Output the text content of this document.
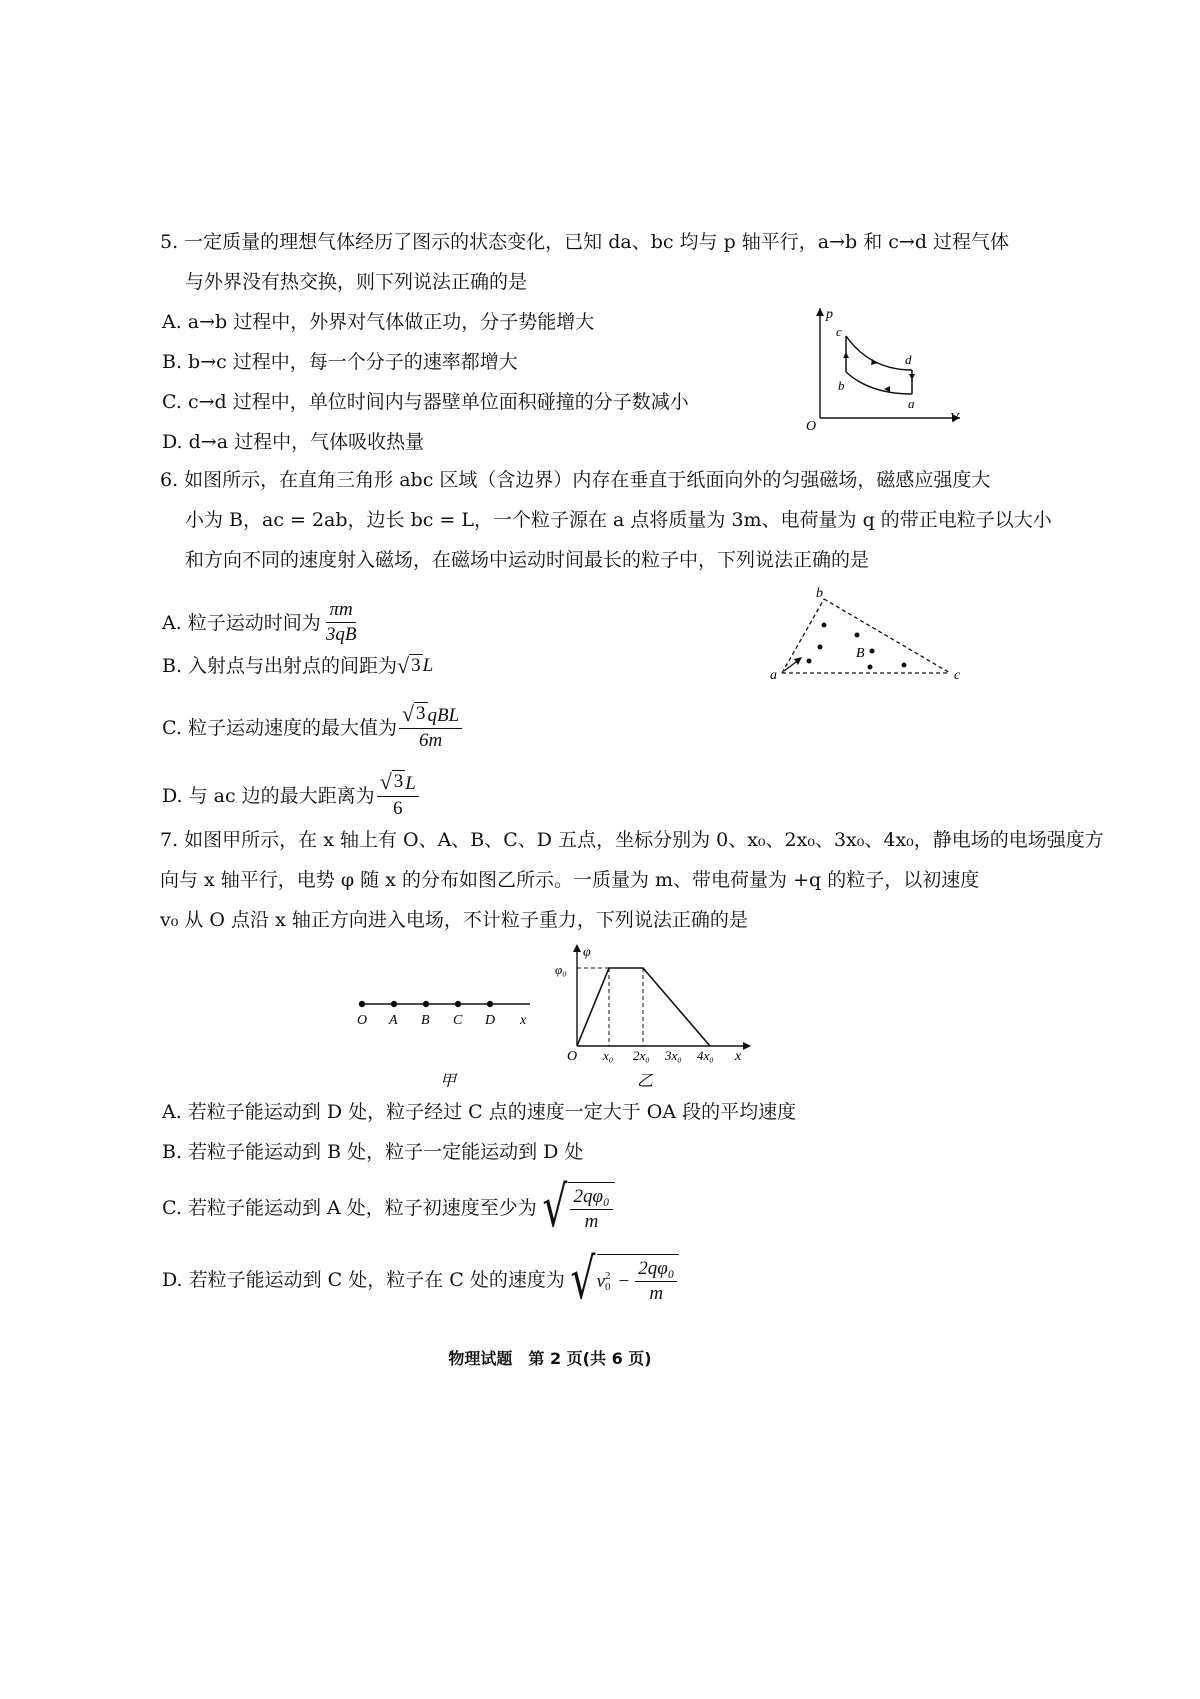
5. 一定质量的理想气体经历了图示的状态变化，已知 da、bc 均与 p 轴平行，a→b 和 c→d 过程气体
与外界没有热交换，则下列说法正确的是
A. a→b 过程中，外界对气体做正功，分子势能增大
B. b→c 过程中，每一个分子的速率都增大
C. c→d 过程中，单位时间内与器壁单位面积碰撞的分子数减小
D. d→a 过程中，气体吸收热量
p
V
O
c
d
b
a
6. 如图所示，在直角三角形 abc 区域（含边界）内存在垂直于纸面向外的匀强磁场，磁感应强度大
小为 B，ac = 2ab，边长 bc = L，一个粒子源在 a 点将质量为 3m、电荷量为 q 的带正电粒子以大小
和方向不同的速度射入磁场，在磁场中运动时间最长的粒子中，下列说法正确的是
A. 粒子运动时间为 $\frac{\pi m}{3qB}$
B. 入射点与出射点的间距为 √ 3 L
C. 粒子运动速度的最大值为 $\frac{\text{√ 3 qBL}}{6m}$
D. 与 ac 边的最大距离为 $\frac{√ 3 L}{6}$
B
a
b
c
7. 如图甲所示，在 x 轴上有 O、A、B、C、D 五点，坐标分别为 0、x₀、2x₀、3x₀、4x₀，静电场的电场强度方
向与 x 轴平行，电势 φ 随 x 的分布如图乙所示。一质量为 m、带电荷量为 +q 的粒子，以初速度
v₀ 从 O 点沿 x 轴正方向进入电场，不计粒子重力，下列说法正确的是
O A B C D x
甲
φ
φ₀
O x₀ 2x₀ 3x₀ 4x₀ x
乙
A. 若粒子能运动到 D 处，粒子经过 C 点的速度一定大于 OA 段的平均速度
B. 若粒子能运动到 B 处，粒子一定能运动到 D 处
C. 若粒子能运动到 A 处，粒子初速度至少为 √ $\frac{\text{2qφ₀}}{m}$
D. 若粒子能运动到 C 处，粒子在 C 处的速度为 √ v 2
$0 - \frac{\text{2qφ₀}}{m}$
物理试题　第 2 页(共 6 页)
